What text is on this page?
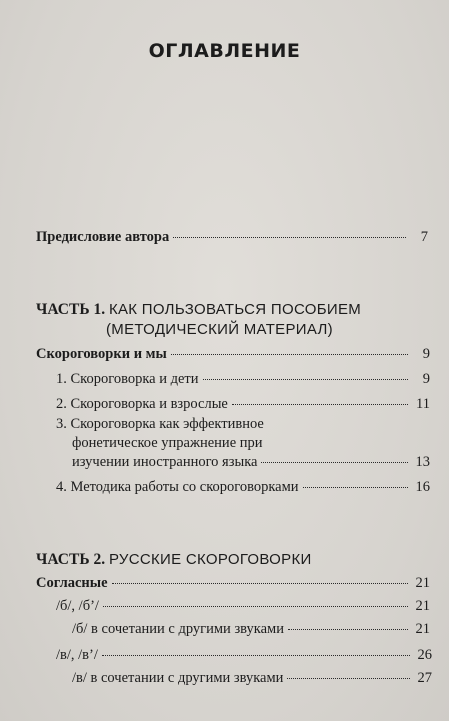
ОГЛАВЛЕНИЕ
Предисловие автора	7
ЧАСТЬ 1. КАК ПОЛЬЗОВАТЬСЯ ПОСОБИЕМ
(МЕТОДИЧЕСКИЙ МАТЕРИАЛ)
Скороговорки и мы	9
1. Скороговорка и дети	9
2. Скороговорка и взрослые	11
3. Скороговорка как эффективное
фонетическое упражнение при
изучении иностранного языка	13
4. Методика работы со скороговорками	16
ЧАСТЬ 2. РУССКИЕ СКОРОГОВОРКИ
Согласные	21
/б/, /б’/	21
/б/ в сочетании с другими звуками	21
/в/, /в’/	26
/в/ в сочетании с другими звуками	27
